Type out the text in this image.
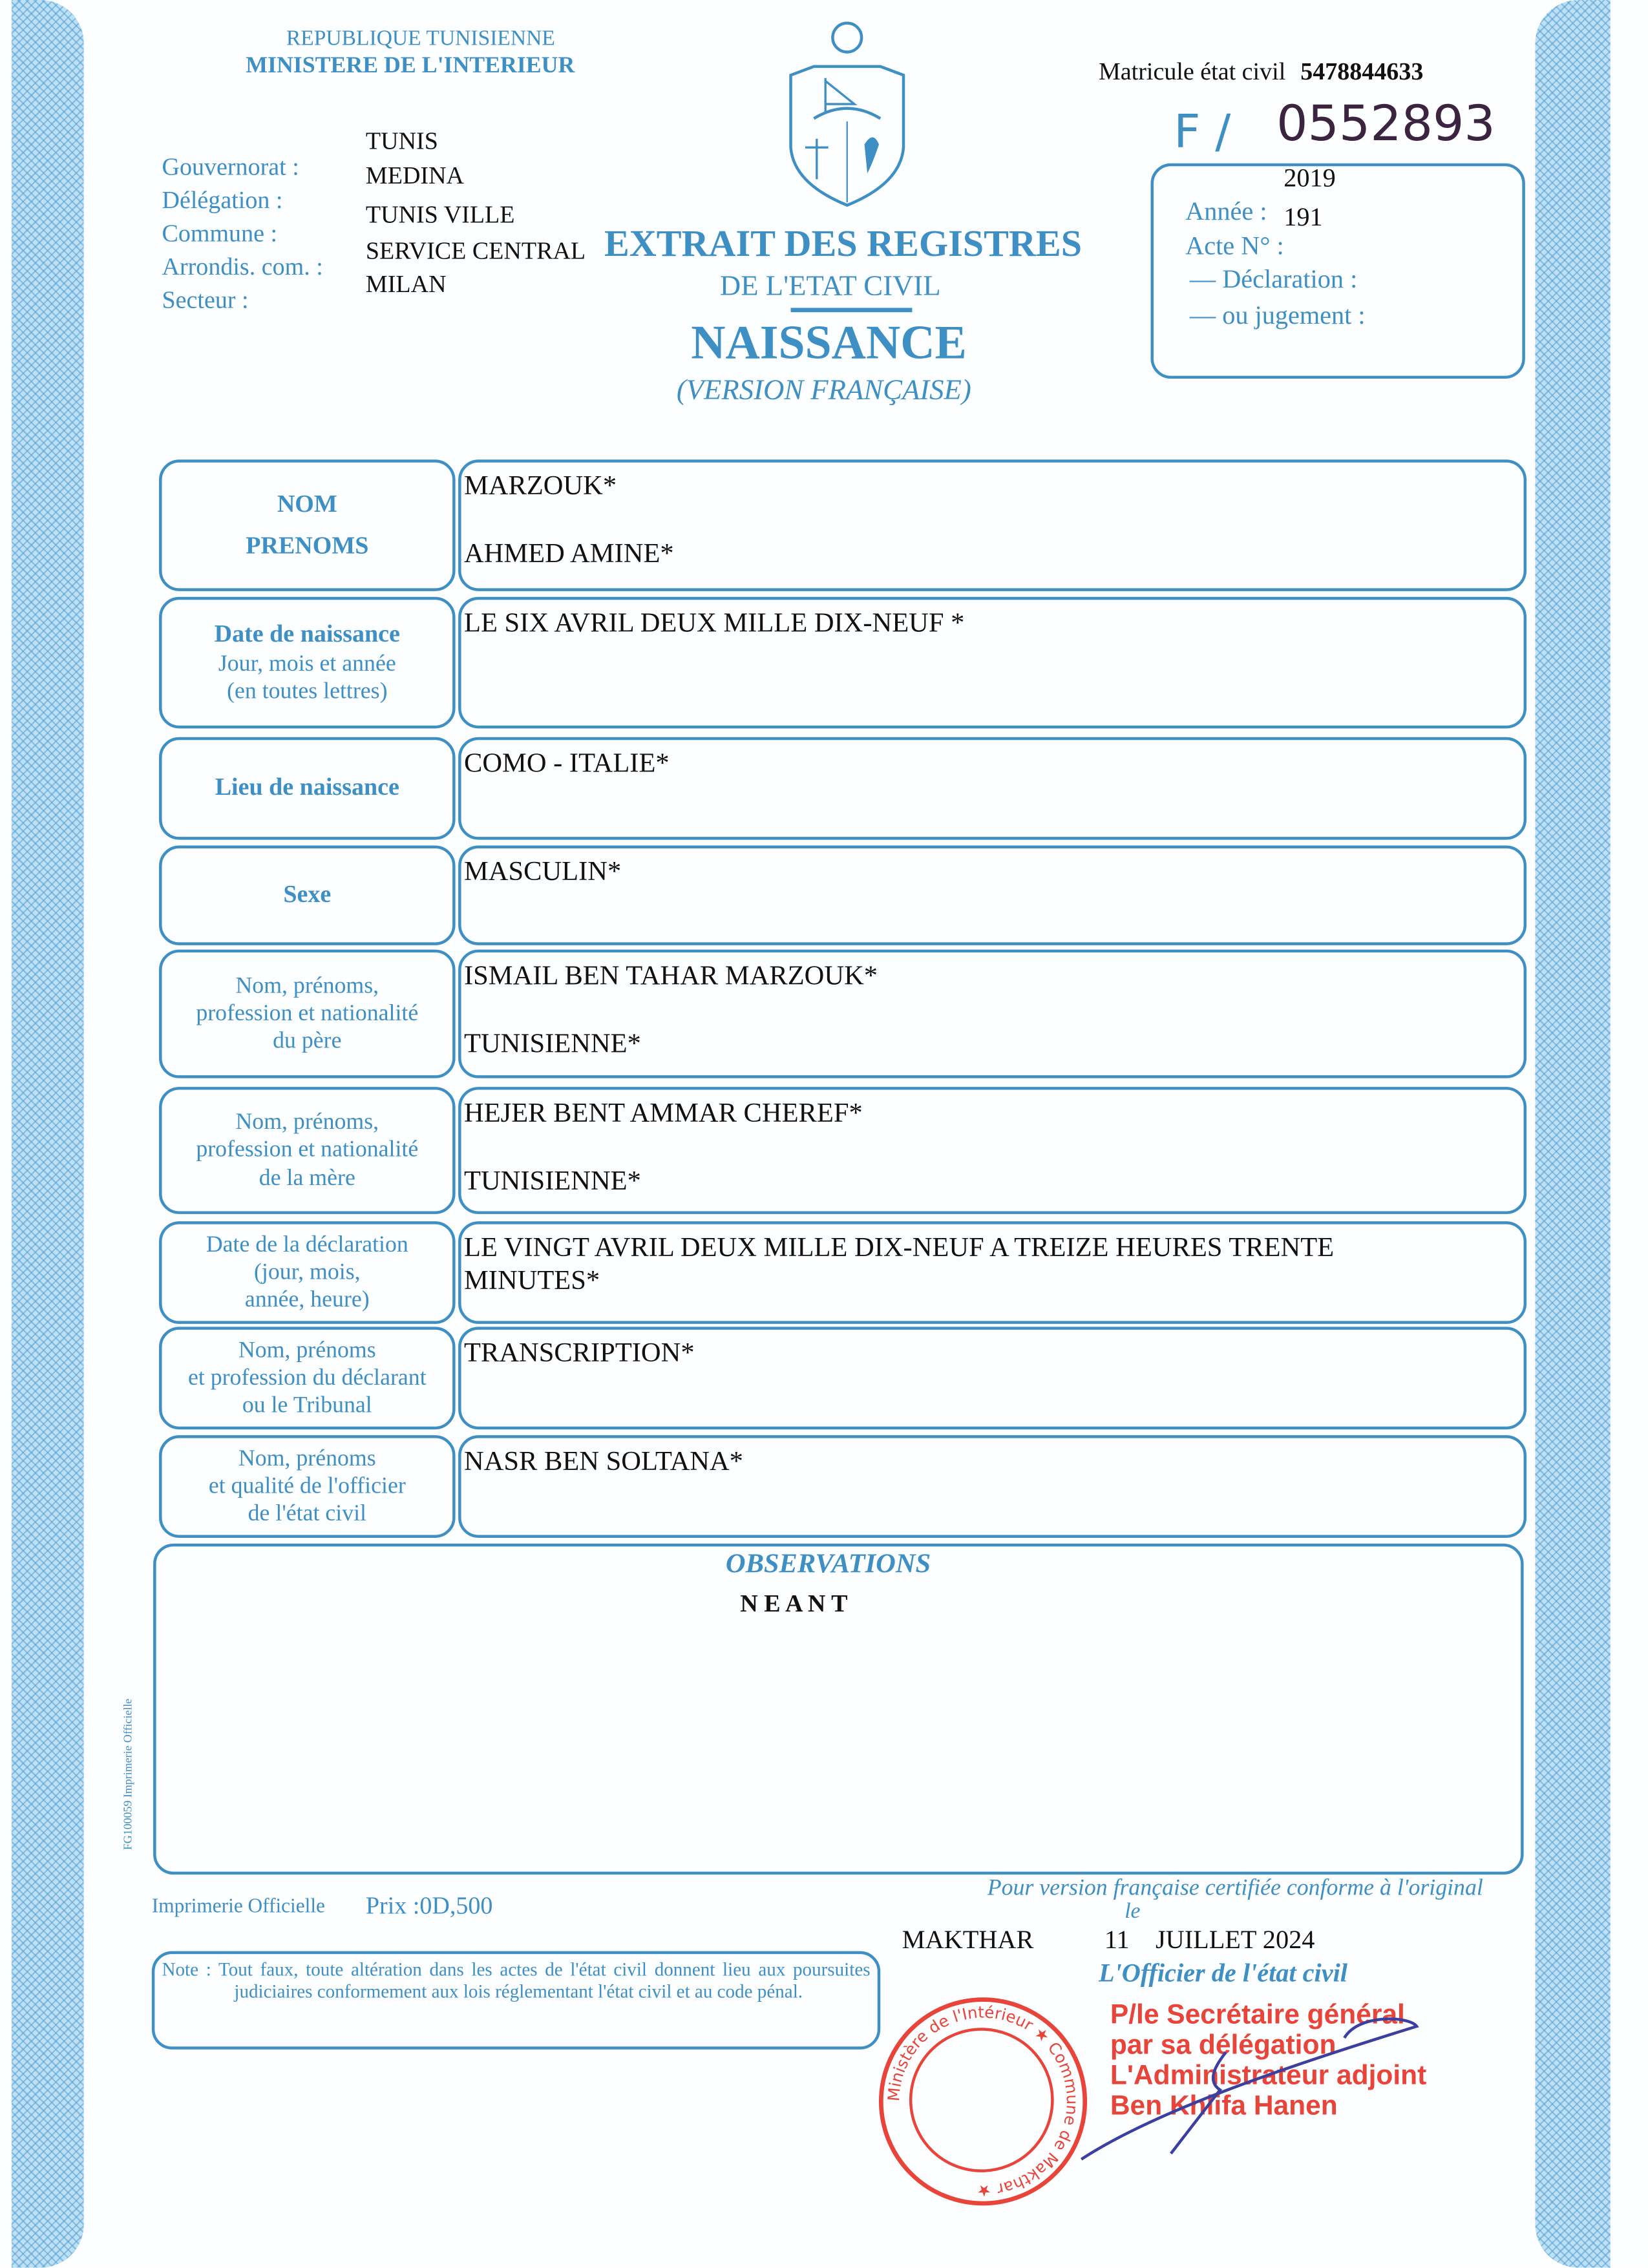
REPUBLIQUE TUNISIENNE
MINISTERE DE L'INTERIEUR	Matricule état civil 5478844633
F / 0552893
Gouvernorat :
Délégation :
Commune :
Arrondis. com. :
Secteur :
TUNIS
MEDINA
TUNIS VILLE
SERVICE CENTRAL
MILAN
EXTRAIT DES REGISTRES
DE L'ETAT CIVIL
NAISSANCE
(VERSION FRANÇAISE)
2019
Année : 191
Acte N° :
— Déclaration :
— ou jugement :
NOM
PRENOMS
MARZOUK*
AHMED AMINE*
Date de naissance
Jour, mois et année
(en toutes lettres)
LE SIX AVRIL DEUX MILLE DIX-NEUF *
Lieu de naissance
COMO - ITALIE*
Sexe
MASCULIN*
Nom, prénoms,
profession et nationalité
du père
ISMAIL BEN TAHAR MARZOUK*
TUNISIENNE*
Nom, prénoms,
profession et nationalité
de la mère
HEJER BENT AMMAR CHEREF*
TUNISIENNE*
Date de la déclaration
(jour, mois,
année, heure)
LE VINGT AVRIL DEUX MILLE DIX-NEUF A TREIZE HEURES TRENTE
MINUTES*
Nom, prénoms
et profession du déclarant
ou le Tribunal
TRANSCRIPTION*
Nom, prénoms
et qualité de l'officier
de l'état civil
NASR BEN SOLTANA*
OBSERVATIONS
N E A N T
FG100059 Imprimerie Officielle
Imprimerie Officielle	Prix :0D,500
Note : Tout faux, toute altération dans les actes de l'état civil donnent lieu aux poursuites judiciaires conformement aux lois réglementant l'état civil et au code pénal.
Pour version française certifiée conforme à l'original
MAKTHAR
le
11    JUILLET 2024
L'Officier de l'état civil
Ministère de l'Intérieur ★ Commune de Makthar ★
P/le Secrétaire général
par sa délégation
L'Administrateur adjoint
Ben Khlifa Hanen
